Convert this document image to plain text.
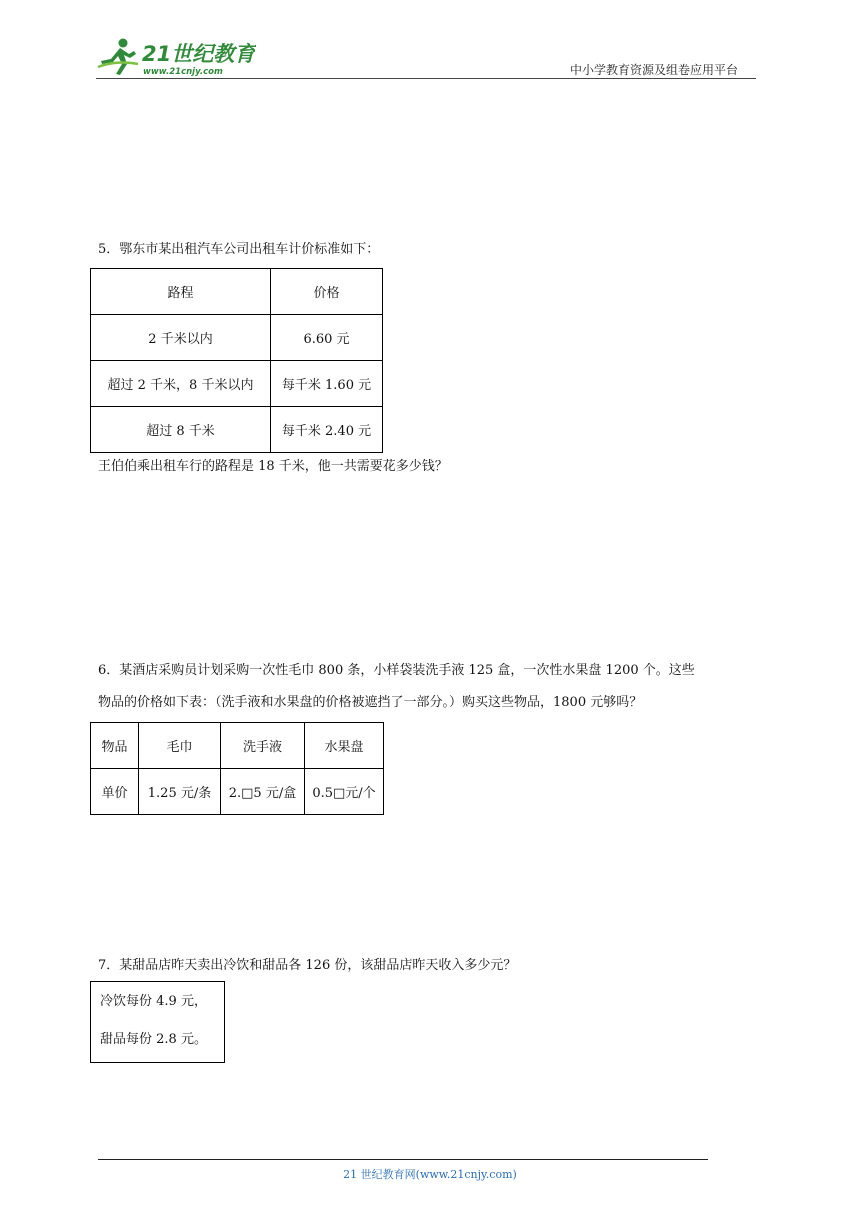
21世纪教育
www.21cnjy.com	中小学教育资源及组卷应用平台
5．鄂东市某出租汽车公司出租车计价标准如下：
路程	价格
2 千米以内	6.60 元
超过 2 千米，8 千米以内	每千米 1.60 元
超过 8 千米	每千米 2.40 元
王伯伯乘出租车行的路程是 18 千米，他一共需要花多少钱？
6．某酒店采购员计划采购一次性毛巾 800 条，小样袋装洗手液 125 盒，一次性水果盘 1200 个。这些
物品的价格如下表：（洗手液和水果盘的价格被遮挡了一部分。）购买这些物品，1800 元够吗？
物品	毛巾	洗手液	水果盘
单价	1.25 元/条	2.□5 元/盒	0.5□元/个
7．某甜品店昨天卖出冷饮和甜品各 126 份，该甜品店昨天收入多少元？
冷饮每份 4.9 元，
甜品每份 2.8 元。
21 世纪教育网(www.21cnjy.com)
